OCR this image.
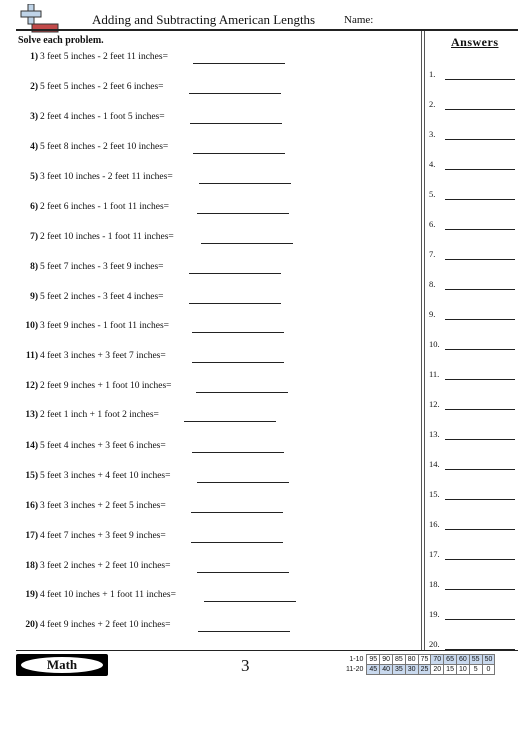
Adding and Subtracting American Lengths	Name:
Solve each problem.
1) 3 feet 5 inches - 2 feet 11 inches=
2) 5 feet 5 inches - 2 feet 6 inches=
3) 2 feet 4 inches - 1 foot 5 inches=
4) 5 feet 8 inches - 2 feet 10 inches=
5) 3 feet 10 inches - 2 feet 11 inches=
6) 2 feet 6 inches - 1 foot 11 inches=
7) 2 feet 10 inches - 1 foot 11 inches=
8) 5 feet 7 inches - 3 feet 9 inches=
9) 5 feet 2 inches - 3 feet 4 inches=
10) 3 feet 9 inches - 1 foot 11 inches=
11) 4 feet 3 inches + 3 feet 7 inches=
12) 2 feet 9 inches + 1 foot 10 inches=
13) 2 feet 1 inch + 1 foot 2 inches=
14) 5 feet 4 inches + 3 feet 6 inches=
15) 5 feet 3 inches + 4 feet 10 inches=
16) 3 feet 3 inches + 2 feet 5 inches=
17) 4 feet 7 inches + 3 feet 9 inches=
18) 3 feet 2 inches + 2 feet 10 inches=
19) 4 feet 10 inches + 1 foot 11 inches=
20) 4 feet 9 inches + 2 feet 10 inches=
Answers
1.
2.
3.
4.
5.
6.
7.
8.
9.
10.
11.
12.
13.
14.
15.
16.
17.
18.
19.
20.
Math	3	1-10	95	90	85	80	75	70	65	60	55	50
11-20	45	40	35	30	25	20	15	10	5	0
